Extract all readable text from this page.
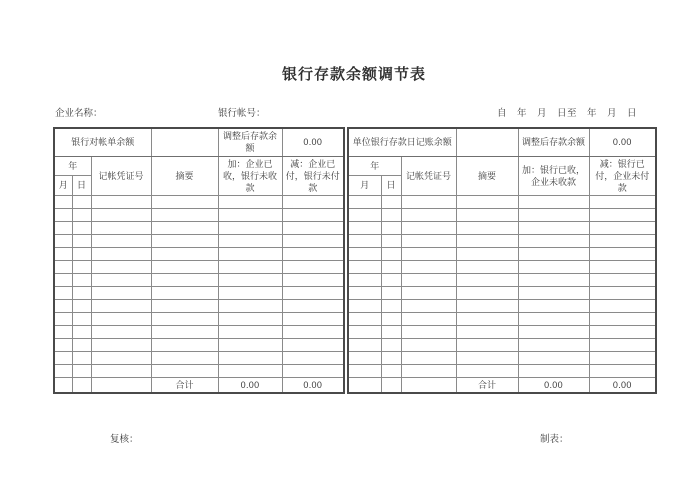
银行存款余额调节表
企业名称：	银行帐号：	自　年　月　日至　年　月　日
银行对帐单余额				调整后存款余额	0.00
年		记帐凭证号	摘要	加：企业已收，银行未收款	减：企业已付，银行未付款
月	日				

			合计	0.00	0.00
单位银行存款日记账余额				调整后存款余额	0.00
年		记帐凭证号	摘要	加：银行已收，企业未收款	减：银行已付，企业未付款
月	日				

			合计	0.00	0.00
复核：	制表：
